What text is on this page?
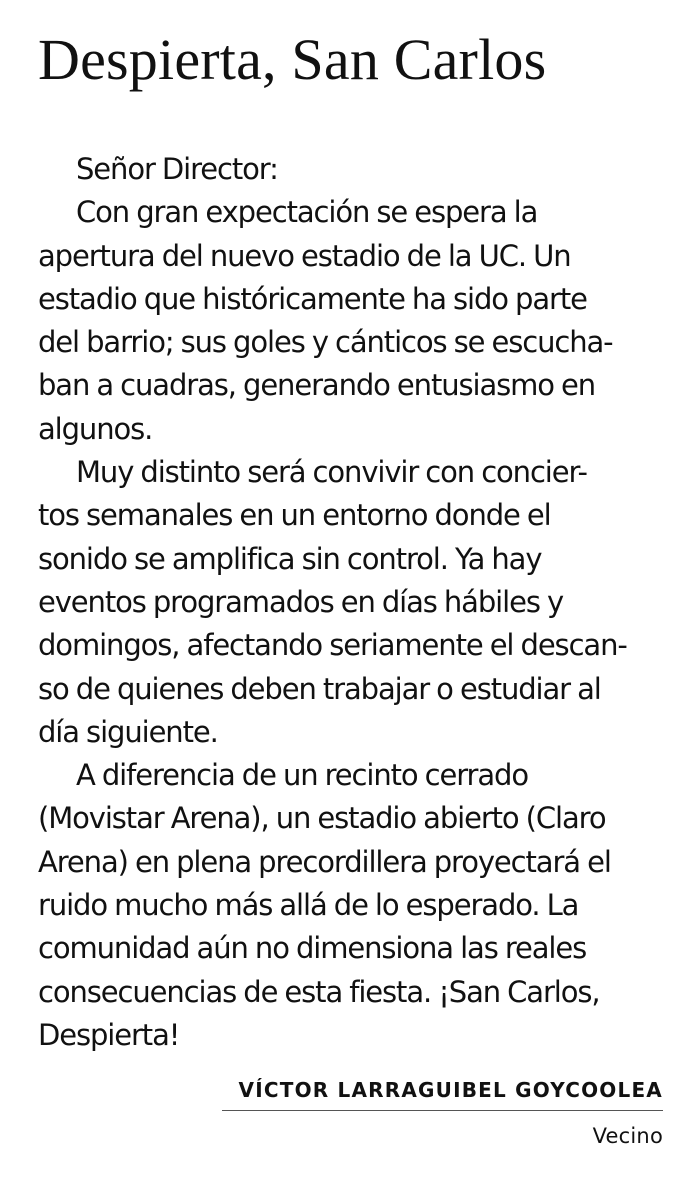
Despierta, San Carlos
Señor Director:
Con gran expectación se espera la
apertura del nuevo estadio de la UC. Un
estadio que históricamente ha sido parte
del barrio; sus goles y cánticos se escucha-
ban a cuadras, generando entusiasmo en
algunos.
Muy distinto será convivir con concier-
tos semanales en un entorno donde el
sonido se amplifica sin control. Ya hay
eventos programados en días hábiles y
domingos, afectando seriamente el descan-
so de quienes deben trabajar o estudiar al
día siguiente.
A diferencia de un recinto cerrado
(Movistar Arena), un estadio abierto (Claro
Arena) en plena precordillera proyectará el
ruido mucho más allá de lo esperado. La
comunidad aún no dimensiona las reales
consecuencias de esta fiesta. ¡San Carlos,
Despierta!
VÍCTOR LARRAGUIBEL GOYCOOLEA
Vecino
